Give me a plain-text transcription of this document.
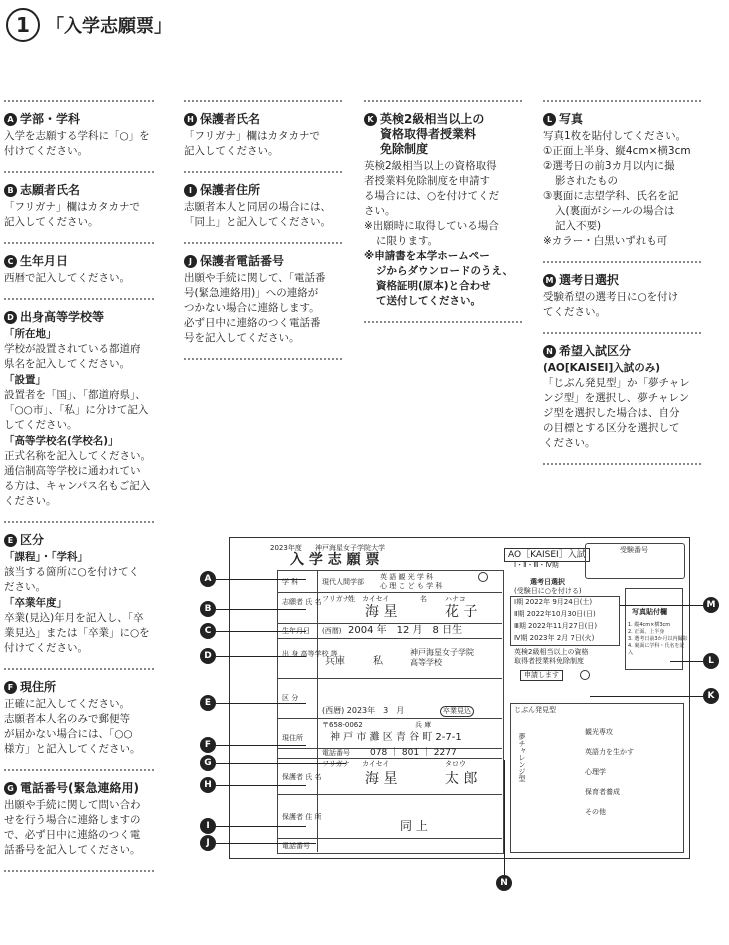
1 「入学志願票」
A 学部・学科
入学を志願する学科に「○」を
付けてください。
B 志願者氏名
「フリガナ」欄はカタカナで
記入してください。
C 生年月日
西暦で記入してください。
D 出身高等学校等
「所在地」
学校が設置されている都道府
県名を記入してください。
「設置」
設置者を「国」、「都道府県」、
「○○市」、「私」に分けて記入
してください。
「高等学校名(学校名)」
正式名称を記入してください。
通信制高等学校に通われてい
る方は、キャンパス名もご記入
ください。
E 区分
「課程」・「学科」
該当する箇所に○を付けてく
ださい。
「卒業年度」
卒業(見込)年月を記入し、「卒
業見込」または「卒業」に○を
付けてください。
F 現住所
正確に記入してください。
志願者本人名のみで郵便等
が届かない場合には、「○○
様方」と記入してください。
G 電話番号(緊急連絡用)
出願や手続に関して問い合わ
せを行う場合に連絡しますの
で、必ず日中に連絡のつく電
話番号を記入してください。
H 保護者氏名
「フリガナ」欄はカタカナで
記入してください。
I 保護者住所
志願者本人と同居の場合には、
「同上」と記入してください。
J 保護者電話番号
出願や手続に関して、「電話番
号(緊急連絡用)」への連絡が
つかない場合に連絡します。
必ず日中に連絡のつく電話番
号を記入してください。
K 英検2級相当以上の
資格取得者授業料
免除制度
英検2級相当以上の資格取得
者授業料免除制度を申請す
る場合には、○を付けてくだ
さい。
※出願時に取得している場合
に限ります。
※申請書を本学ホームペー
ジからダウンロードのうえ、
資格証明(原本)と合わせ
て送付してください。
L 写真
写真1枚を貼付してください。
①正面上半身、縦4cm×横3cm
②選考日の前3カ月以内に撮
影されたもの
③裏面に志望学科、氏名を記
入(裏面がシールの場合は
記入不要)
※カラー・白黒いずれも可
M 選考日選択
受験希望の選考日に○を付け
てください。
N 希望入試区分
(AO[KAISEI]入試のみ)
「じぶん発見型」か「夢チャレ
ンジ型」を選択し、夢チャレン
ジ型を選択した場合は、自分
の目標とする区分を選択して
ください。
2023年度 神戸海星女子学院大学
入 学 志 願 票	AO［KAISEI］入試
Ⅰ・Ⅱ・Ⅲ・Ⅳ期
受験番号
学 科	現代人間学部
英 語 観 光 学 科
心 理 こ ど も 学 科
志願者 氏 名 フリガナ
姓 カイセイ	名	ハナコ
海 星	花 子
生年月日 (西暦) 2004 年　12 月　8 日生
出 身 高等学校 等
兵庫	私
神戸海星女子学院
高等学校
区 分
(西暦) 2023年　3　月	卒業見込
〒658-0062	兵 庫
現住所	神 戸 市 灘 区 青 谷 町 2-7-1
電話番号 078 ｜ 801 ｜ 2277
保護者 氏 名
フリガナ カイセイ	タロウ
海 星	太 郎
保護者 住 所
同 上
電話番号
選考日選択
(受験日に○を付ける)
Ⅰ期 2022年 9月24日(土)
Ⅱ期 2022年10月30日(日)
Ⅲ期 2022年11月27日(日)
Ⅳ期 2023年 2月 7日(火)
英検2級相当以上の資格
取得者授業料免除制度
申請します
写真貼付欄
1. 縦4cm×横3cm
2. 正面、上半身
3. 選考日前3か月以内撮影
4. 裏面に学科・氏名を記入
じぶん発見型
夢チャレンジ型
観光専攻
英語力を生かす
心理学
保育者養成
その他
A
B
C
D
E
F
G
H
I
J
M
L
K
N
